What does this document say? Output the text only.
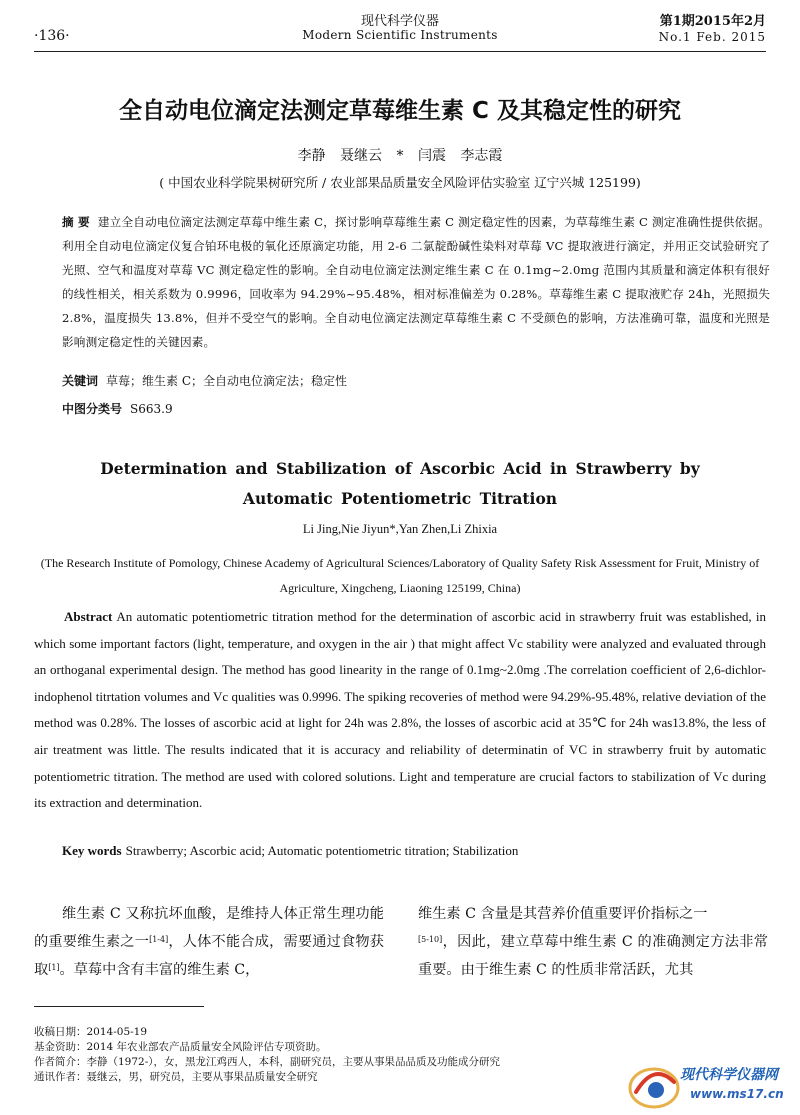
·136·
现代科学仪器
Modern Scientific Instruments
第1期2015年2月
No.1 Feb. 2015
全自动电位滴定法测定草莓维生素 C 及其稳定性的研究
李静 聂继云 * 闫震 李志霞
( 中国农业科学院果树研究所 / 农业部果品质量安全风险评估实验室 辽宁兴城 125199)
摘 要 建立全自动电位滴定法测定草莓中维生素 C，探讨影响草莓维生素 C 测定稳定性的因素，为草莓维生素 C 测定准确性提供依据。利用全自动电位滴定仪复合铂环电极的氧化还原滴定功能，用 2-6 二氯靛酚碱性染料对草莓 VC 提取液进行滴定，并用正交试验研究了光照、空气和温度对草莓 VC 测定稳定性的影响。全自动电位滴定法测定维生素 C 在 0.1mg~2.0mg 范围内其质量和滴定体积有很好的线性相关，相关系数为 0.9996，回收率为 94.29%~95.48%，相对标准偏差为 0.28%。草莓维生素 C 提取液贮存 24h，光照损失 2.8%，温度损失 13.8%，但并不受空气的影响。全自动电位滴定法测定草莓维生素 C 不受颜色的影响，方法准确可靠，温度和光照是影响测定稳定性的关键因素。
关键词 草莓；维生素 C；全自动电位滴定法；稳定性
中图分类号 S663.9
Determination and Stabilization of Ascorbic Acid in Strawberry by Automatic Potentiometric Titration
Li Jing,Nie Jiyun*,Yan Zhen,Li Zhixia
(The Research Institute of Pomology, Chinese Academy of Agricultural Sciences/Laboratory of Quality Safety Risk Assessment for Fruit, Ministry of Agriculture, Xingcheng, Liaoning 125199, China)
Abstract An automatic potentiometric titration method for the determination of ascorbic acid in strawberry fruit was established, in which some important factors (light, temperature, and oxygen in the air ) that might affect Vc stability were analyzed and evaluated through an orthoganal experimental design. The method has good linearity in the range of 0.1mg~2.0mg .The correlation coefficient of 2,6-dichlor-indophenol titrtation volumes and Vc qualities was 0.9996. The spiking recoveries of method were 94.29%-95.48%, relative deviation of the method was 0.28%. The losses of ascorbic acid at light for 24h was 2.8%, the losses of ascorbic acid at 35℃ for 24h was13.8%, the less of air treatment was little. The results indicated that it is accuracy and reliability of determinatin of VC in strawberry fruit by automatic potentiometric titration. The method are used with colored solutions. Light and temperature are crucial factors to stabilization of Vc during its extraction and determination.
Key words Strawberry; Ascorbic acid; Automatic potentiometric titration; Stabilization
维生素 C 又称抗坏血酸，是维持人体正常生理功能的重要维生素之一[1-4]，人体不能合成，需要通过食物获取[1]。草莓中含有丰富的维生素 C，
维生素 C 含量是其营养价值重要评价指标之一
[5-10]，因此，建立草莓中维生素 C 的准确测定方法非常重要。由于维生素 C 的性质非常活跃，尤其
收稿日期：2014-05-19
基金资助：2014 年农业部农产品质量安全风险评估专项资助。
作者简介：李静（1972-），女，黑龙江鸡西人，本科，副研究员，主要从事果品品质及功能成分研究
通讯作者：聂继云，男，研究员，主要从事果品质量安全研究	现代科学仪器网
www.ms17.cn
